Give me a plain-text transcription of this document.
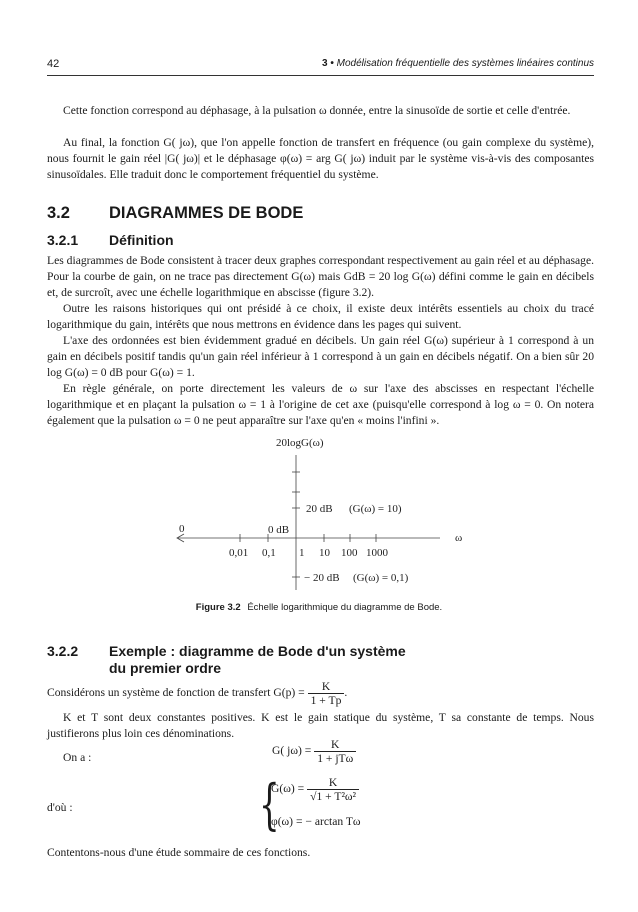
42	3 • Modélisation fréquentielle des systèmes linéaires continus

Cette fonction correspond au déphasage, à la pulsation ω donnée, entre la sinusoïde de sortie et celle d'entrée.

Au final, la fonction G( jω), que l'on appelle fonction de transfert en fréquence (ou gain complexe du système), nous fournit le gain réel |G( jω)| et le déphasage φ(ω) = arg G( jω) induit par le système vis-à-vis des composantes sinusoïdales. Elle traduit donc le comportement fréquentiel du système.

3.2 DIAGRAMMES DE BODE
3.2.1 Définition

Les diagrammes de Bode consistent à tracer deux graphes correspondant respectivement au gain réel et au déphasage. Pour la courbe de gain, on ne trace pas directement G(ω) mais GdB = 20 log G(ω) défini comme le gain en décibels et, de surcroît, avec une échelle logarithmique en abscisse (figure 3.2).

Outre les raisons historiques qui ont présidé à ce choix, il existe deux intérêts essentiels au choix du tracé logarithmique du gain, intérêts que nous mettrons en évidence dans les pages qui suivent.

L'axe des ordonnées est bien évidemment gradué en décibels. Un gain réel G(ω) supérieur à 1 correspond à un gain en décibels positif tandis qu'un gain réel inférieur à 1 correspond à un gain en décibels négatif. On a bien sûr 20 log G(ω) = 0 dB pour G(ω) = 1.

En règle générale, on porte directement les valeurs de ω sur l'axe des abscisses en respectant l'échelle logarithmique et en plaçant la pulsation ω = 1 à l'origine de cet axe (puisqu'elle correspond à log ω = 0. On notera également que la pulsation ω = 0 ne peut apparaître sur l'axe qu'en « moins l'infini ».

20logG(ω)
ω
0	0 dB
0,01 0,1 1 10 100 1000
20 dB (G(ω) = 10)
− 20 dB (G(ω) = 0,1)
Figure 3.2 Échelle logarithmique du diagramme de Bode.
3.2.2 Exemple : diagramme de Bode d'un système
du premier ordre
Considérons un système de fonction de transfert $G(p) = \frac{K}{1 + Tp}$ .

K et T sont deux constantes positives. K est le gain statique du système, T sa constante de temps. Nous justifierons plus loin ces dénominations.

On a :
G( $j\omega) = \frac{K}{\text{1 + jTω}}$
d'où :	{
$G(\omega) = \frac{K}{\text{√1 + T²ω²}}$
φ(ω) = − arctan Tω

Contentons-nous d'une étude sommaire de ces fonctions.
